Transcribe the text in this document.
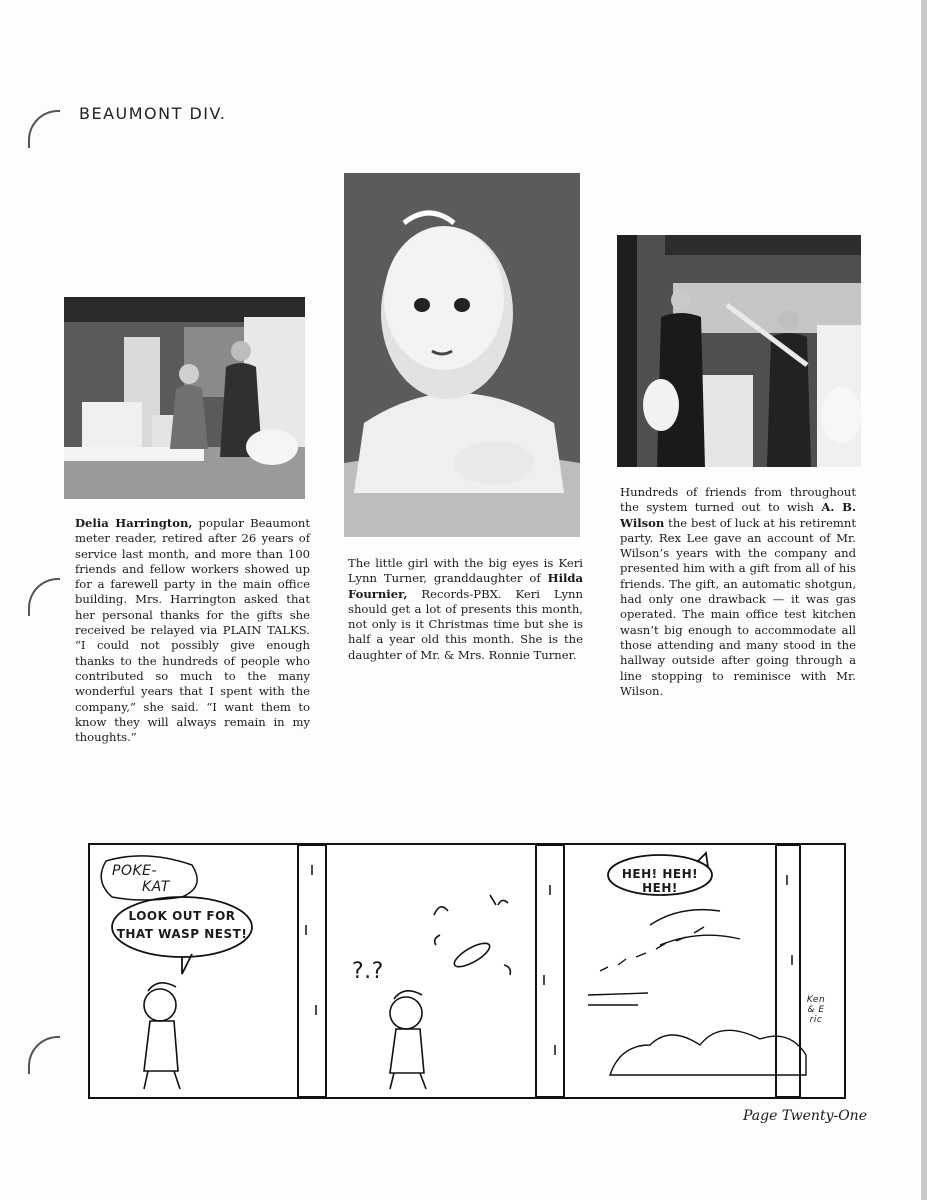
BEAUMONT DIV.

Delia Harrington, popular Beaumont meter reader, retired after 26 years of service last month, and more than 100 friends and fellow workers showed up for a farewell party in the main office building. Mrs. Harrington asked that her personal thanks for the gifts she received be relayed via PLAIN TALKS. “I could not possibly give enough thanks to the hundreds of people who contributed so much to the many wonderful years that I spent with the company,” she said. “I want them to know they will always remain in my thoughts.”

The little girl with the big eyes is Keri Lynn Turner, granddaughter of Hilda Fournier, Records-PBX. Keri Lynn should get a lot of presents this month, not only is it Christmas time but she is half a year old this month. She is the daughter of Mr. & Mrs. Ronnie Turner.

Hundreds of friends from throughout the system turned out to wish A. B. Wilson the best of luck at his retiremnt party. Rex Lee gave an account of Mr. Wilson’s years with the company and presented him with a gift from all of his friends. The gift, an automatic shotgun, had only one drawback — it was gas operated. The main office test kitchen wasn’t big enough to accommodate all those attending and many stood in the hallway outside after going through a line stopping to reminisce with Mr. Wilson.

POKE-
KAT
LOOK OUT FOR
THAT WASP NEST!
?.?
HEH! HEH! HEH!
Ken & Eric
Page Twenty-One
